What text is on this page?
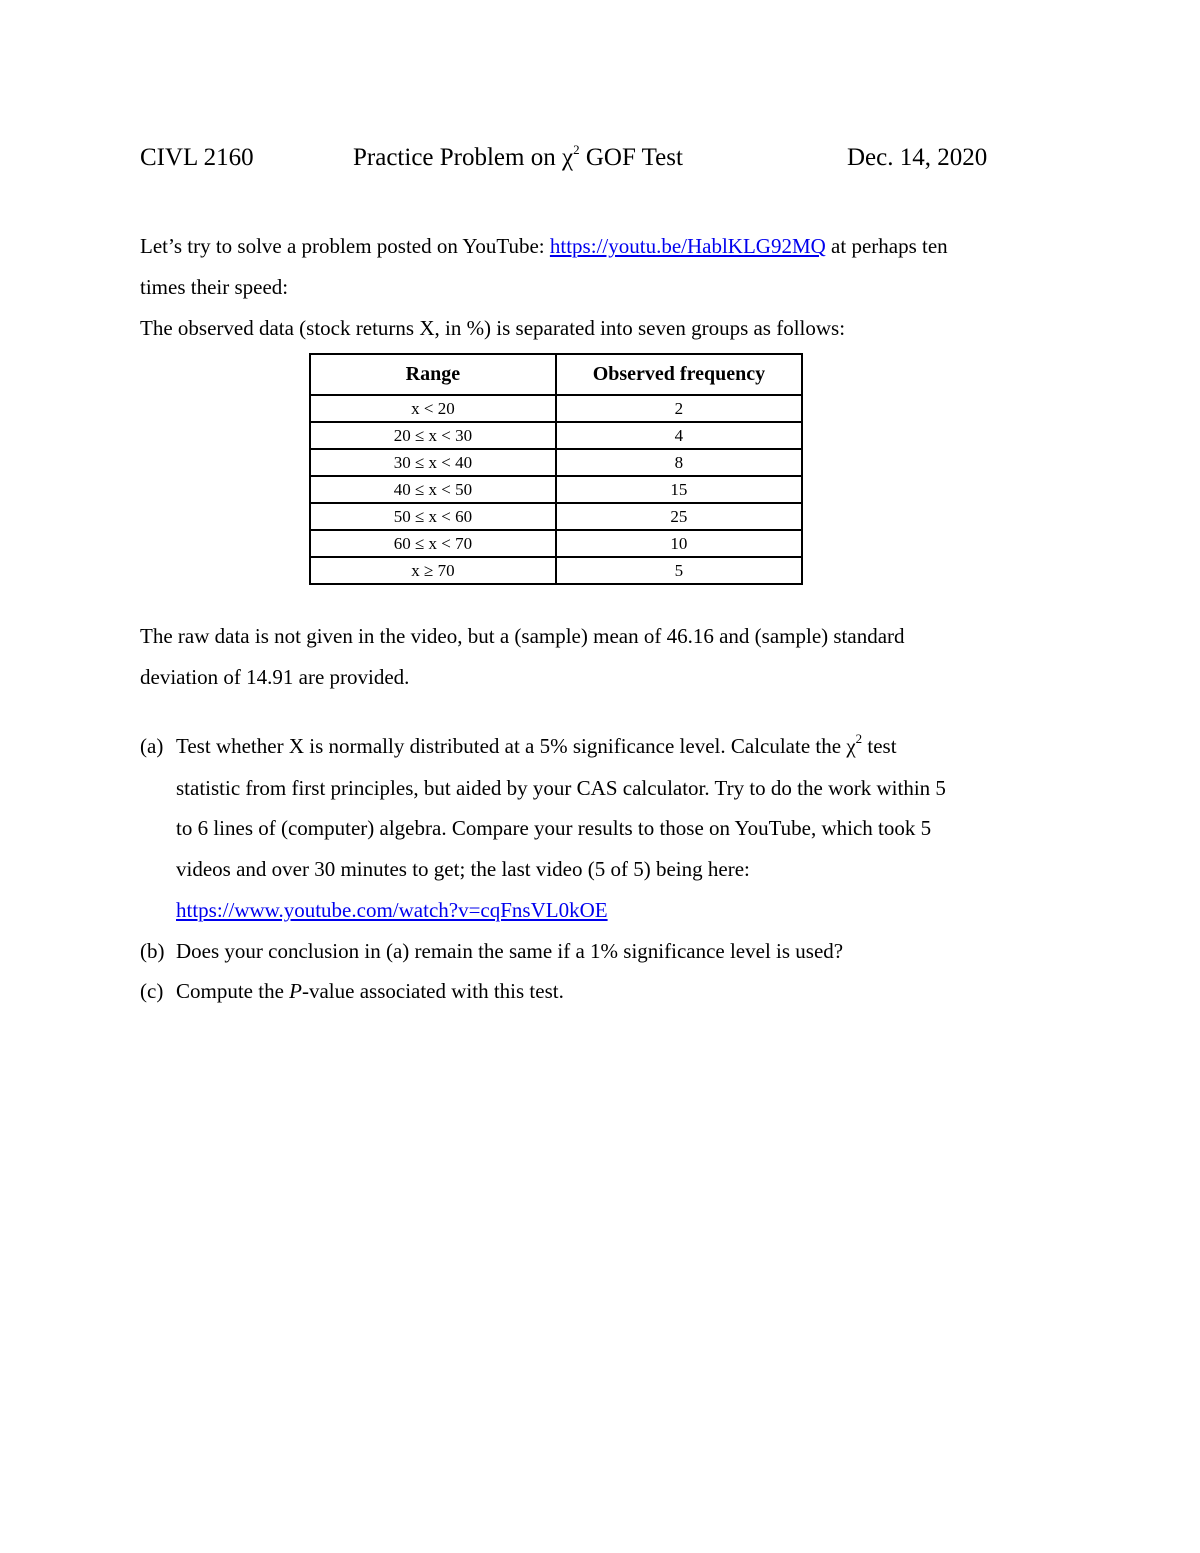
CIVL 2160	Practice Problem on $\chi^2$ GOF Test	Dec. 14, 2020
Let’s try to solve a problem posted on YouTube: https://youtu.be/HablKLG92MQ at perhaps ten
times their speed:
The observed data (stock returns X, in %) is separated into seven groups as follows:
Range	Observed frequency
x < 20	2
20 ≤ x < 30	4
30 ≤ x < 40	8
40 ≤ x < 50	15
50 ≤ x < 60	25
60 ≤ x < 70	10
x ≥ 70	5
The raw data is not given in the video, but a (sample) mean of 46.16 and (sample) standard
deviation of 14.91 are provided.
(a) Test whether X is normally distributed at a 5% significance level. Calculate the $\chi^2$ test
statistic from first principles, but aided by your CAS calculator. Try to do the work within 5
to 6 lines of (computer) algebra. Compare your results to those on YouTube, which took 5
videos and over 30 minutes to get; the last video (5 of 5) being here:
https://www.youtube.com/watch?v=cqFnsVL0kOE
(b) Does your conclusion in (a) remain the same if a 1% significance level is used?
(c) Compute the P-value associated with this test.
